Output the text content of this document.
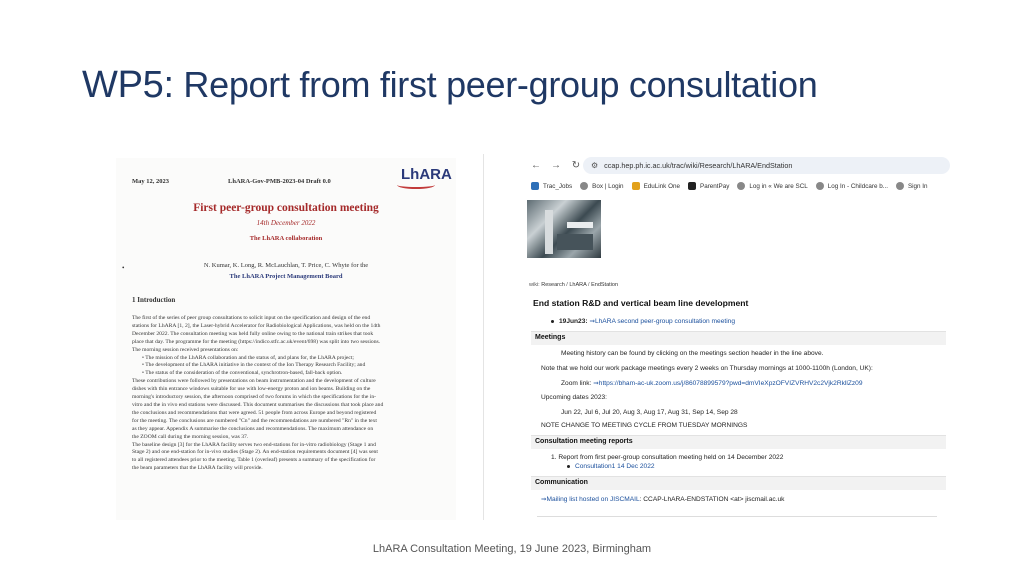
WP5: Report from first peer-group consultation
May 12, 2023	LhARA-Gov-PMB-2023-04 Draft 0.0	LhARA
First peer-group consultation meeting
14th December 2022
The LhARA collaboration
•	N. Kumar, K. Long, R. McLauchlan, T. Price, C. Whyte for the
The LhARA Project Management Board
1 Introduction

The first of the series of peer group consultations to solicit input on the specification and design of the end

stations for LhARA [1, 2], the Laser-hybrid Accelerator for Radiobiological Applications, was held on the 14th

December 2022. The consultation meeting was held fully online owing to the national train strikes that took

place that day. The programme for the meeting (https://indico.stfc.ac.uk/event/698) was split into two sessions.

The morning session received presentations on:

• The mission of the LhARA collaboration and the status of, and plans for, the LhARA project;

• The development of the LhARA initiative in the context of the Ion Therapy Research Facility; and

• The status of the consideration of the conventional, synchrotron-based, fall-back option.

These contributions were followed by presentations on beam instrumentation and the development of culture

dishes with thin entrance windows suitable for use with low-energy proton and ion beams. Building on the

morning's introductory session, the afternoon comprised of two forums in which the specifications for the in-

vitro and the in vivo end stations were discussed. This document summarises the discussions that took place and

the conclusions and recommendations that were agreed. 51 people from across Europe and beyond registered

for the meeting. The conclusions are numbered "Cn" and the recommendations are numbered "Rn" in the text

as they appear. Appendix A summarise the conclusions and recommendations. The maximum attendance on

the ZOOM call during the morning session, was 37.

The baseline design [3] for the LhARA facility serves two end-stations for in-vitro radiobiology (Stage 1 and

Stage 2) and one end-station for in-vivo studies (Stage 2). An end-station requirements document [4] was sent

to all registered attendees prior to the meeting. Table 1 (overleaf) presents a summary of the specification for

the beam parameters that the LhARA facility will provide.

← → ↻	⚙ ccap.hep.ph.ic.ac.uk/trac/wiki/Research/LhARA/EndStation
Trac_Jobs	Box | Login	EduLink One	ParentPay	Log in « We are SCL	Log In - Childcare b...	Sign In
wiki: Research / LhARA / EndStation
End station R&D and vertical beam line development
19Jun23: ⇒LhARA second peer-group consultation meeting
Meetings
Meeting history can be found by clicking on the meetings section header in the line above.
Note that we hold our work package meetings every 2 weeks on Thursday mornings at 1000-1100h (London, UK):
Zoom link: ⇒https://bham-ac-uk.zoom.us/j/86078899579?pwd=dmVIeXpzOFVIZVRHV2c2Vjk2RkllZz09
Upcoming dates 2023:
Jun 22, Jul 6, Jul 20, Aug 3, Aug 17, Aug 31, Sep 14, Sep 28
NOTE CHANGE TO MEETING CYCLE FROM TUESDAY MORNINGS
Consultation meeting reports
1. Report from first peer-group consultation meeting held on 14 December 2022
Consultation1 14 Dec 2022
Communication
⇒Mailing list hosted on JISCMAIL: CCAP-LhARA-ENDSTATION <at> jiscmail.ac.uk
LhARA Consultation Meeting, 19 June 2023, Birmingham
